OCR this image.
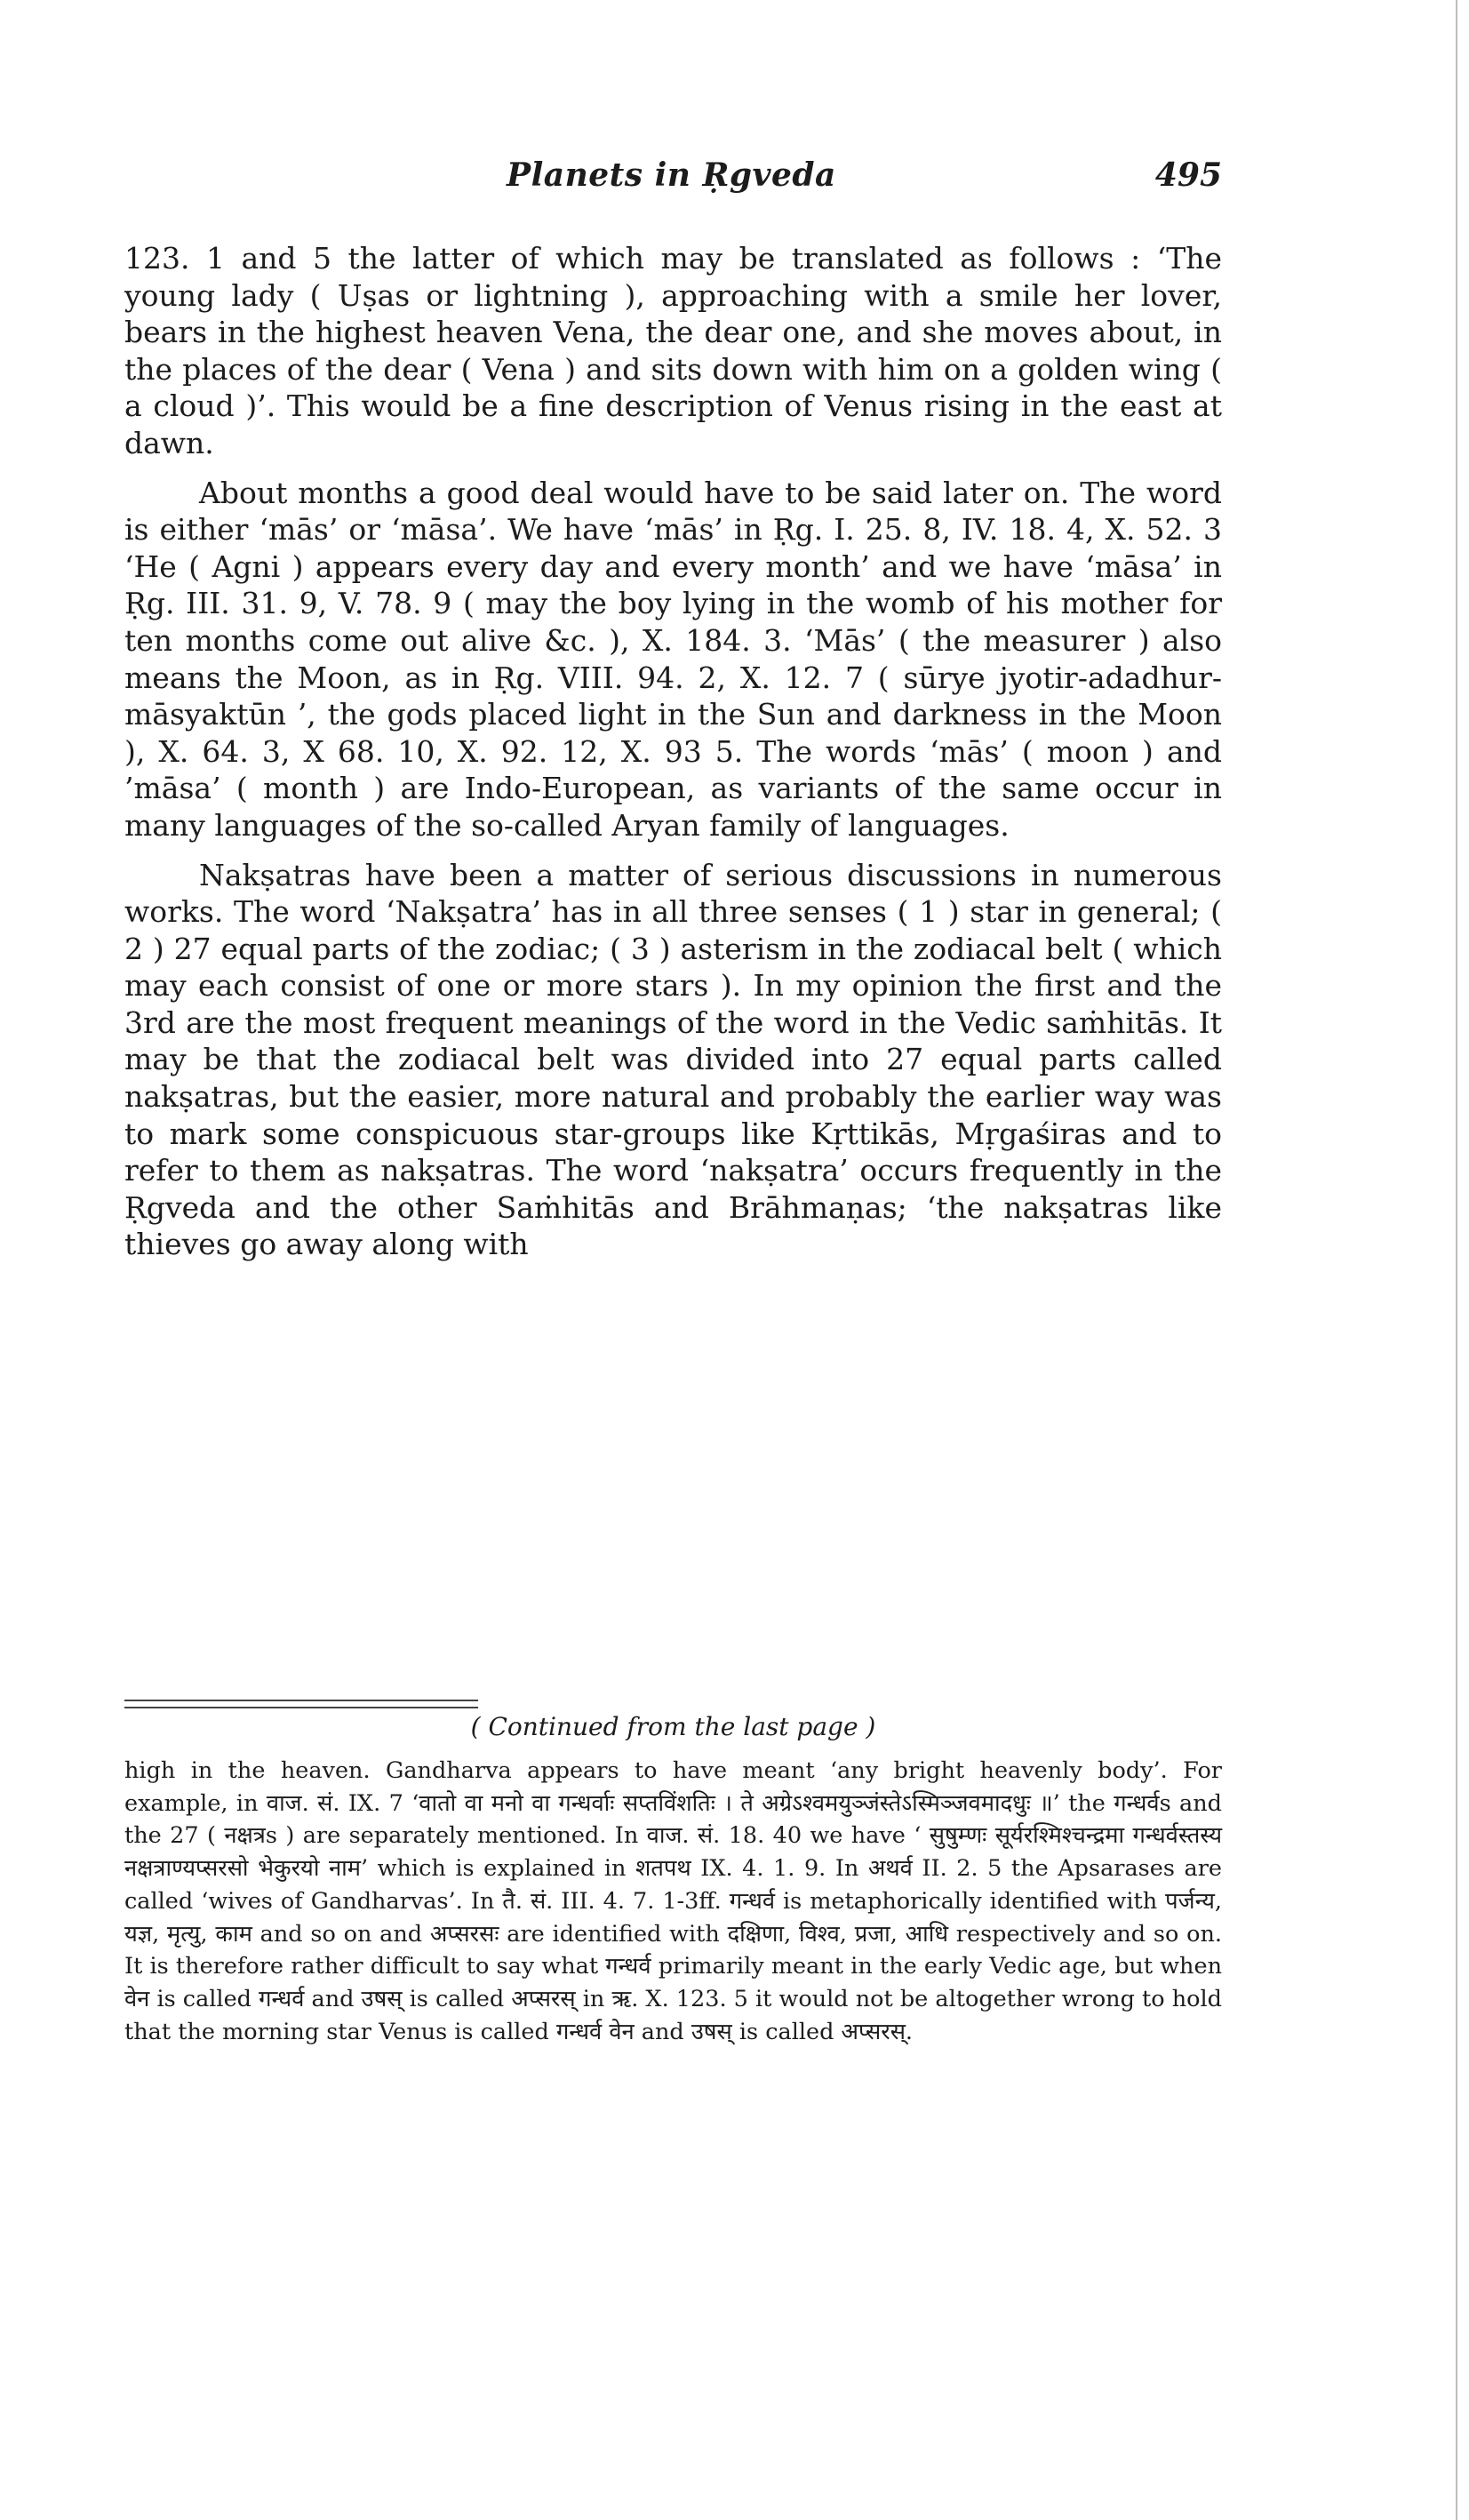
Planets in Ṛgveda	495

123. 1 and 5 the latter of which may be translated as follows : ‘The young lady ( Uṣas or lightning ), approaching with a smile her lover, bears in the highest heaven Vena, the dear one, and she moves about, in the places of the dear ( Vena ) and sits down with him on a golden wing ( a cloud )’. This would be a fine description of Venus rising in the east at dawn.

About months a good deal would have to be said later on. The word is either ‘mās’ or ‘māsa’. We have ‘mās’ in Ṛg. I. 25. 8, IV. 18. 4, X. 52. 3 ‘He ( Agni ) appears every day and every month’ and we have ‘māsa’ in Ṛg. III. 31. 9, V. 78. 9 ( may the boy lying in the womb of his mother for ten months come out alive &c. ), X. 184. 3. ‘Mās’ ( the measurer ) also means the Moon, as in Ṛg. VIII. 94. 2, X. 12. 7 ( sūrye jyotir-adadhur-māsyaktūn ’, the gods placed light in the Sun and darkness in the Moon ), X. 64. 3, X 68. 10, X. 92. 12, X. 93 5. The words ‘mās’ ( moon ) and ’māsa’ ( month ) are Indo-European, as variants of the same occur in many languages of the so-called Aryan family of languages.

Nakṣatras have been a matter of serious discussions in numerous works. The word ‘Nakṣatra’ has in all three senses ( 1 ) star in general; ( 2 ) 27 equal parts of the zodiac; ( 3 ) asterism in the zodiacal belt ( which may each consist of one or more stars ). In my opinion the first and the 3rd are the most frequent meanings of the word in the Vedic saṁhitās. It may be that the zodiacal belt was divided into 27 equal parts called nakṣatras, but the easier, more natural and probably the earlier way was to mark some conspicuous star-groups like Kṛttikās, Mṛgaśiras and to refer to them as nakṣatras. The word ‘nakṣatra’ occurs frequently in the Ṛgveda and the other Saṁhitās and Brāhmaṇas; ‘the nakṣatras like thieves go away along with

( Continued from the last page )

high in the heaven. Gandharva appears to have meant ‘any bright heavenly body’. For example, in वाज. सं. IX. 7 ‘वातो वा मनो वा गन्धर्वाः सप्तविंशतिः । ते अग्रेऽश्वमयुञ्जंस्तेऽस्मिञ्जवमादधुः ॥’ the गन्धर्वs and the 27 ( नक्षत्रs ) are separately mentioned. In वाज. सं. 18. 40 we have ‘ सुषुम्णः सूर्यरश्मिश्चन्द्रमा गन्धर्वस्तस्य नक्षत्राण्यप्सरसो भेकुरयो नाम’ which is explained in शतपथ IX. 4. 1. 9. In अथर्व II. 2. 5 the Apsarases are called ‘wives of Gandharvas’. In तै. सं. III. 4. 7. 1-3ff. गन्धर्व is metaphorically identified with पर्जन्य, यज्ञ, मृत्यु, काम and so on and अप्सरसः are identified with दक्षिणा, विश्व, प्रजा, आधि respectively and so on. It is therefore rather difficult to say what गन्धर्व primarily meant in the early Vedic age, but when वेन is called गन्धर्व and उषस् is called अप्सरस् in ऋ. X. 123. 5 it would not be altogether wrong to hold that the morning star Venus is called गन्धर्व वेन and उषस् is called अप्सरस्.
